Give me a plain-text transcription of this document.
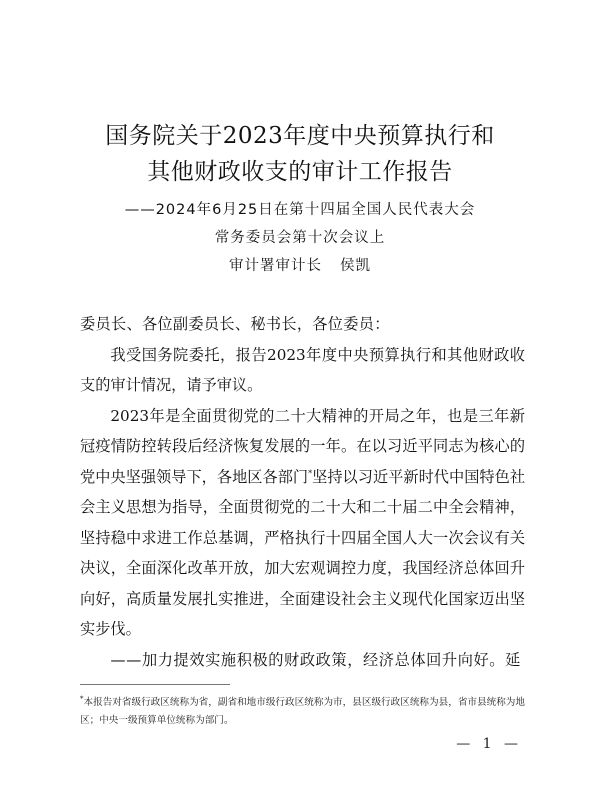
国务院关于2023年度中央预算执行和
其他财政收支的审计工作报告
——2024年6月25日在第十四届全国人民代表大会
常务委员会第十次会议上
审计署审计长 侯凯

委员长、各位副委员长、秘书长，各位委员：

我受国务院委托，报告2023年度中央预算执行和其他财政收支的审计情况，请予审议。

2023年是全面贯彻党的二十大精神的开局之年，也是三年新冠疫情防控转段后经济恢复发展的一年。在以习近平同志为核心的党中央坚强领导下，各地区各部门*坚持以习近平新时代中国特色社会主义思想为指导，全面贯彻党的二十大和二十届二中全会精神，坚持稳中求进工作总基调，严格执行十四届全国人大一次会议有关决议，全面深化改革开放，加大宏观调控力度，我国经济总体回升向好，高质量发展扎实推进，全面建设社会主义现代化国家迈出坚实步伐。

——加力提效实施积极的财政政策，经济总体回升向好。延

*本报告对省级行政区统称为省，副省和地市级行政区统称为市，县区级行政区统称为县，省市县统称为地区；中央一级预算单位统称为部门。
— 1 —
